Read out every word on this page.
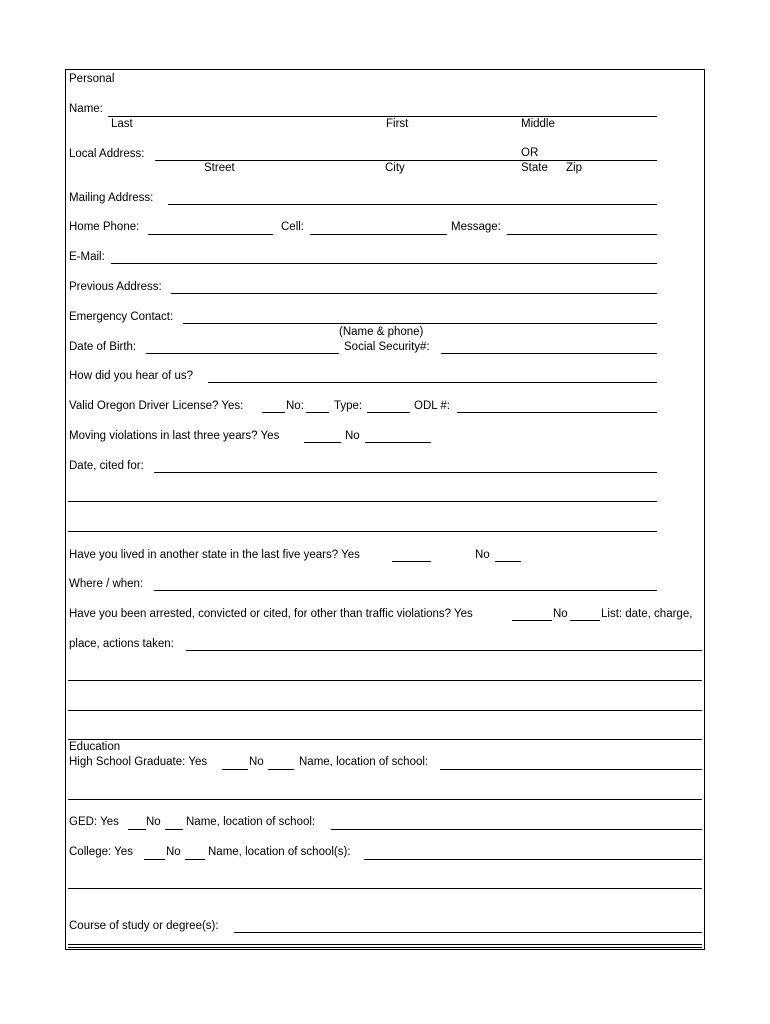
Personal
Name:
Last	First	Middle
Local Address:	OR
Street	City	State Zip
Mailing Address:
Home Phone:	Cell:	Message:
E-Mail:
Previous Address:
Emergency Contact:
(Name & phone)
Date of Birth:	Social Security#:
How did you hear of us?
Valid Oregon Driver License? Yes:	No:	Type:	ODL #:
Moving violations in last three years? Yes	No
Date, cited for:
Have you lived in another state in the last five years? Yes	No
Where / when:
Have you been arrested, convicted or cited, for other than traffic violations? Yes	No	List: date, charge,
place, actions taken:
Education
High School Graduate: Yes	No	Name, location of school:
GED: Yes No Name, location of school:
College: Yes	No Name, location of school(s):
Course of study or degree(s):
